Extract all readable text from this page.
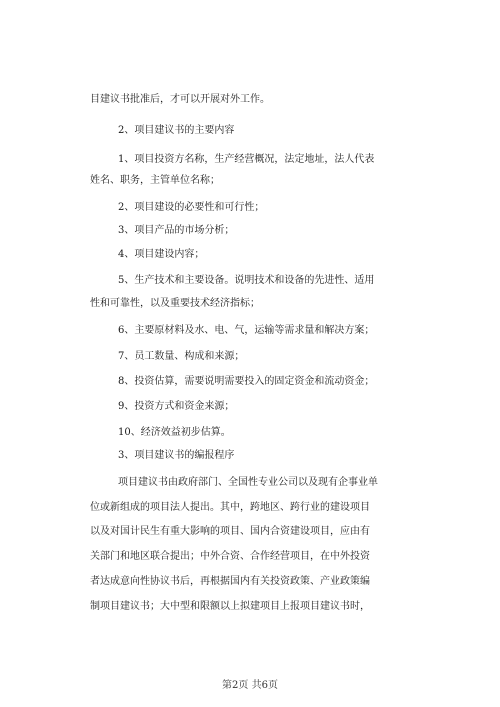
目建议书批准后，才可以开展对外工作。
2、项目建议书的主要内容
1、项目投资方名称，生产经营概况，法定地址，法人代表
姓名、职务，主管单位名称；
2、项目建设的必要性和可行性；
3、项目产品的市场分析；
4、项目建设内容；
5、生产技术和主要设备。说明技术和设备的先进性、适用
性和可靠性，以及重要技术经济指标；
6、主要原材料及水、电、气，运输等需求量和解决方案；
7、员工数量、构成和来源；
8、投资估算，需要说明需要投入的固定资金和流动资金；
9、投资方式和资金来源；
10、经济效益初步估算。
3、项目建议书的编报程序
项目建议书由政府部门、全国性专业公司以及现有企事业单
位或新组成的项目法人提出。其中，跨地区、跨行业的建设项目
以及对国计民生有重大影响的项目、国内合资建设项目，应由有
关部门和地区联合提出；中外合资、合作经营项目，在中外投资
者达成意向性协议书后，再根据国内有关投资政策、产业政策编
制项目建议书；大中型和限额以上拟建项目上报项目建议书时，
第2页 共6页
